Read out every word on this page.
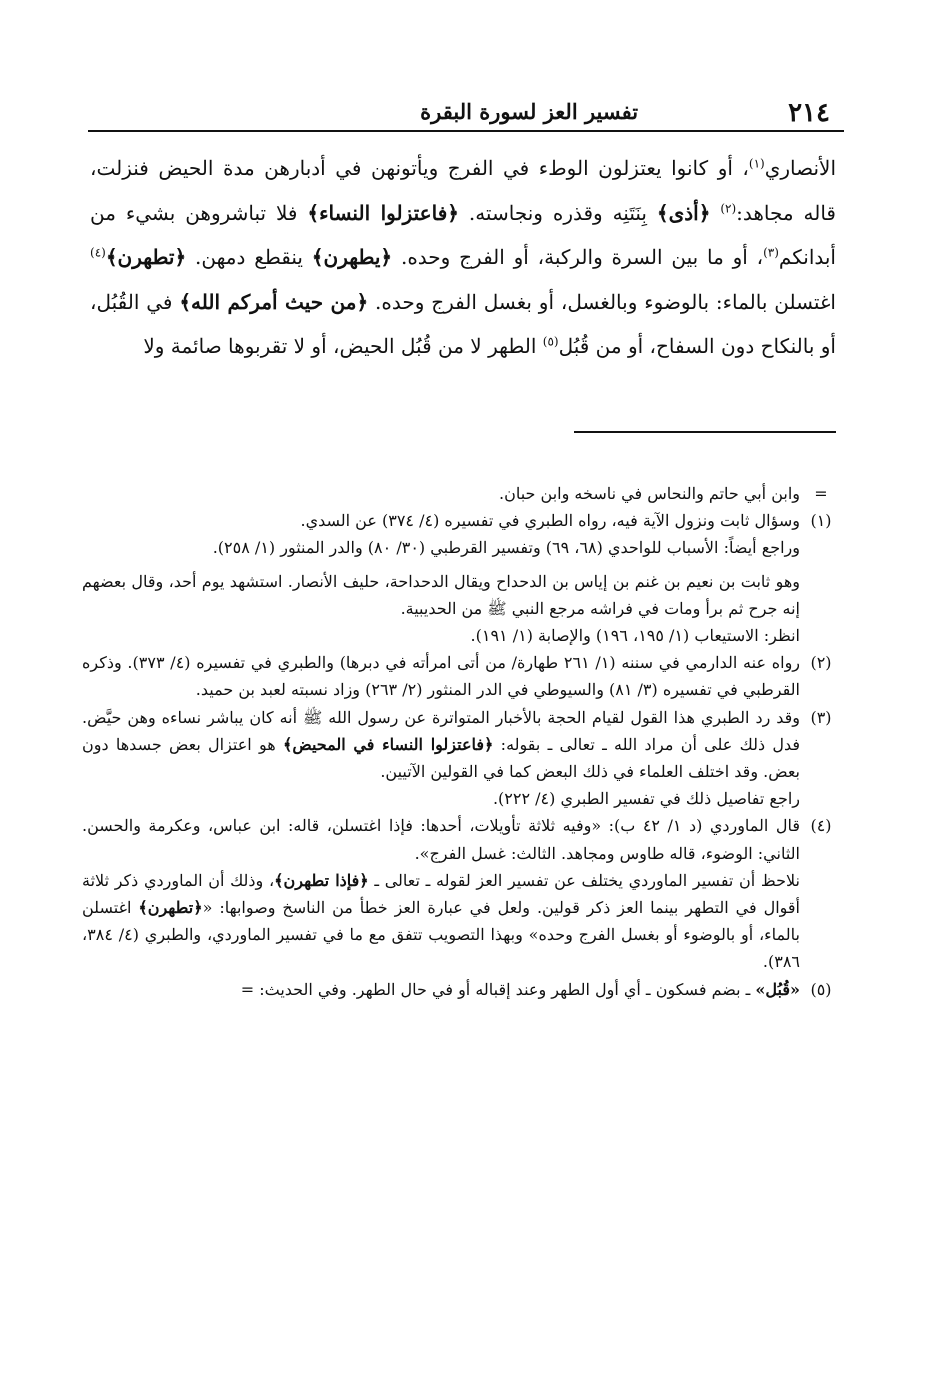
٢١٤
تفسير العز لسورة البقرة

الأنصاري$^{(١)}$، أو كانوا يعتزلون الوطء في الفرج ويأتونهن في أدبارهن مدة الحيض فنزلت، قاله مجاهد:$^{(٢)}$ ﴿أذى﴾ بِنَتَنِه وقذره ونجاسته. ﴿فاعتزلوا النساء﴾ فلا تباشروهن بشيء من أبدانكم$^{(٣)}$، أو ما بين السرة والركبة، أو الفرج وحده. ﴿يطهرن﴾ ينقطع دمهن. ﴿تطهرن﴾$^{(٤)}$ اغتسلن بالماء: بالوضوء وبالغسل، أو بغسل الفرج وحده. ﴿من حيث أمركم الله﴾ في القُبُل، أو بالنكاح دون السفاح، أو من قُبُل$^{(٥)}$ الطهر لا من قُبُل الحيض، أو لا تقربوها صائمة ولا

=

وابن أبي حاتم والنحاس في ناسخه وابن حبان.

(١)

وسؤال ثابت ونزول الآية فيه، رواه الطبري في تفسيره (٤/ ٣٧٤) عن السدي.

وراجع أيضاً: الأسباب للواحدي (٦٨، ٦٩) وتفسير القرطبي (٣٠/ ٨٠) والدر المنثور (١/ ٢٥٨).

وهو ثابت بن نعيم بن غنم بن إياس بن الدحداح ويقال الدحداحة، حليف الأنصار. استشهد يوم أحد، وقال بعضهم إنه جرح ثم برأ ومات في فراشه مرجع النبي ﷺ من الحديبية.

انظر: الاستيعاب (١/ ١٩٥، ١٩٦) والإصابة (١/ ١٩١).

(٢)

رواه عنه الدارمي في سننه (١/ ٢٦١ طهارة/ من أتى امرأته في دبرها) والطبري في تفسيره (٤/ ٣٧٣). وذكره القرطبي في تفسيره (٣/ ٨١) والسيوطي في الدر المنثور (٢/ ٢٦٣) وزاد نسبته لعبد بن حميد.

(٣)

وقد رد الطبري هذا القول لقيام الحجة بالأخبار المتواترة عن رسول الله ﷺ أنه كان يباشر نساءه وهن حيَّض. فدل ذلك على أن مراد الله ـ تعالى ـ بقوله: ﴿فاعتزلوا النساء في المحيض﴾ هو اعتزال بعض جسدها دون بعض. وقد اختلف العلماء في ذلك البعض كما في القولين الآتيين.

راجع تفاصيل ذلك في تفسير الطبري (٤/ ٢٢٢).

(٤)

قال الماوردي (د ١/ ٤٢ ب): «وفيه ثلاثة تأويلات، أحدها: فإذا اغتسلن، قاله: ابن عباس، وعكرمة والحسن. الثاني: الوضوء، قاله طاوس ومجاهد. الثالث: غسل الفرج».

نلاحظ أن تفسير الماوردي يختلف عن تفسير العز لقوله ـ تعالى ـ ﴿فإذا تطهرن﴾، وذلك أن الماوردي ذكر ثلاثة أقوال في التطهر بينما العز ذكر قولين. ولعل في عبارة العز خطأ من الناسخ وصوابها: «﴿تطهرن﴾ اغتسلن بالماء، أو بالوضوء أو بغسل الفرج وحده» وبهذا التصويب تتفق مع ما في تفسير الماوردي، والطبري (٤/ ٣٨٤، ٣٨٦).

(٥)

«قُبُل» ـ بضم فسكون ـ أي أول الطهر وعند إقباله أو في حال الطهر. وفي الحديث: =
